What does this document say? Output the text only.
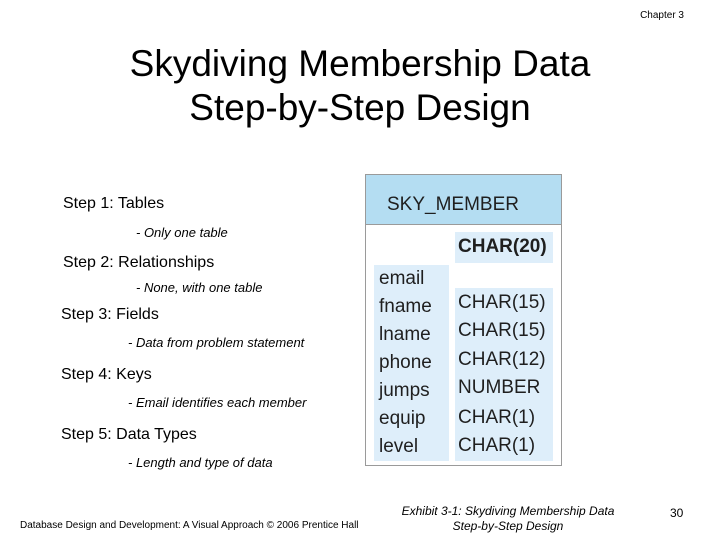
Chapter 3
Skydiving Membership Data
Step-by-Step Design
Step 1: Tables
- Only one table
Step 2: Relationships
- None, with one table
Step 3: Fields
- Data from problem statement
Step 4: Keys
- Email identifies each member
Step 5: Data Types
- Length and type of data
SKY_MEMBER
CHAR(20)
email
fname CHAR(15)
lname CHAR(15)
phone CHAR(12)
jumps NUMBER
equip CHAR(1)
level CHAR(1)
Database Design and Development: A Visual Approach © 2006 Prentice Hall
Exhibit 3-1: Skydiving Membership Data
Step-by-Step Design
30
